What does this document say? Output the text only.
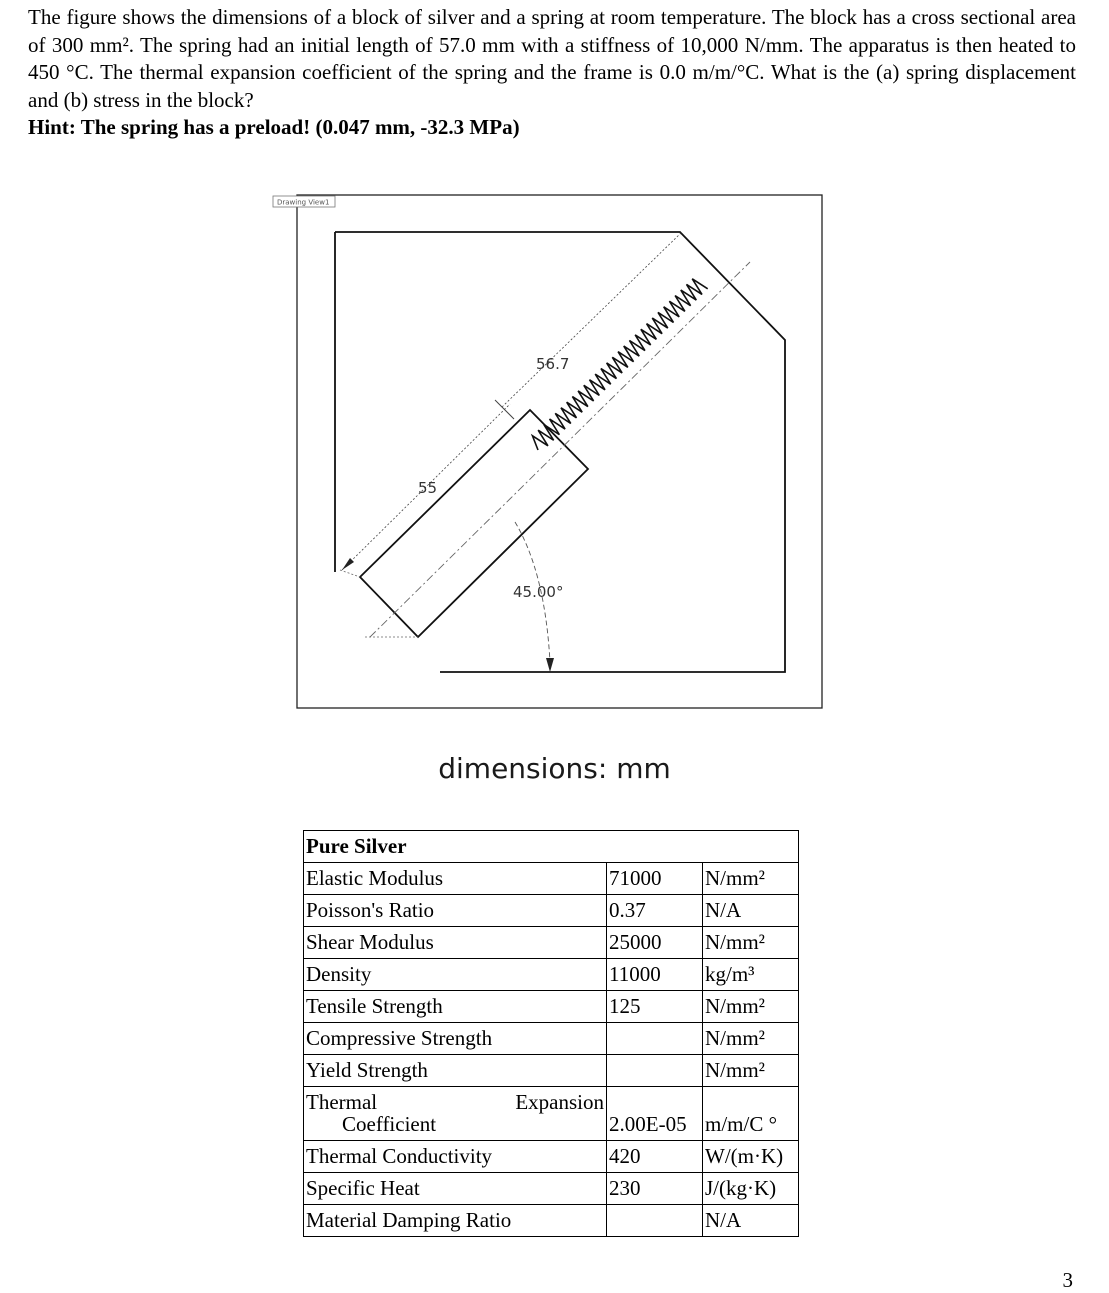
The figure shows the dimensions of a block of silver and a spring at room temperature. The block has a cross sectional area of 300 mm². The spring had an initial length of 57.0 mm with a stiffness of 10,000 N/mm. The apparatus is then heated to 450 °C. The thermal expansion coefficient of the spring and the frame is 0.0 m/m/°C. What is the (a) spring displacement and (b) stress in the block?

Hint: The spring has a preload! (0.047 mm, -32.3 MPa)

Drawing View1
56.7
55
45.00°
dimensions: mm
Pure Silver		
Elastic Modulus	71000	N/mm²
Poisson's Ratio	0.37	N/A
Shear Modulus	25000	N/mm²
Density	11000	kg/m³
Tensile Strength	125	N/mm²
Compressive Strength		N/mm²
Yield Strength		N/mm²

Thermal Expansion
Coefficient	2.00E-05	m/m/C °
Thermal Conductivity	420	W/(m·K)
Specific Heat	230	J/(kg·K)
Material Damping Ratio		N/A
3
